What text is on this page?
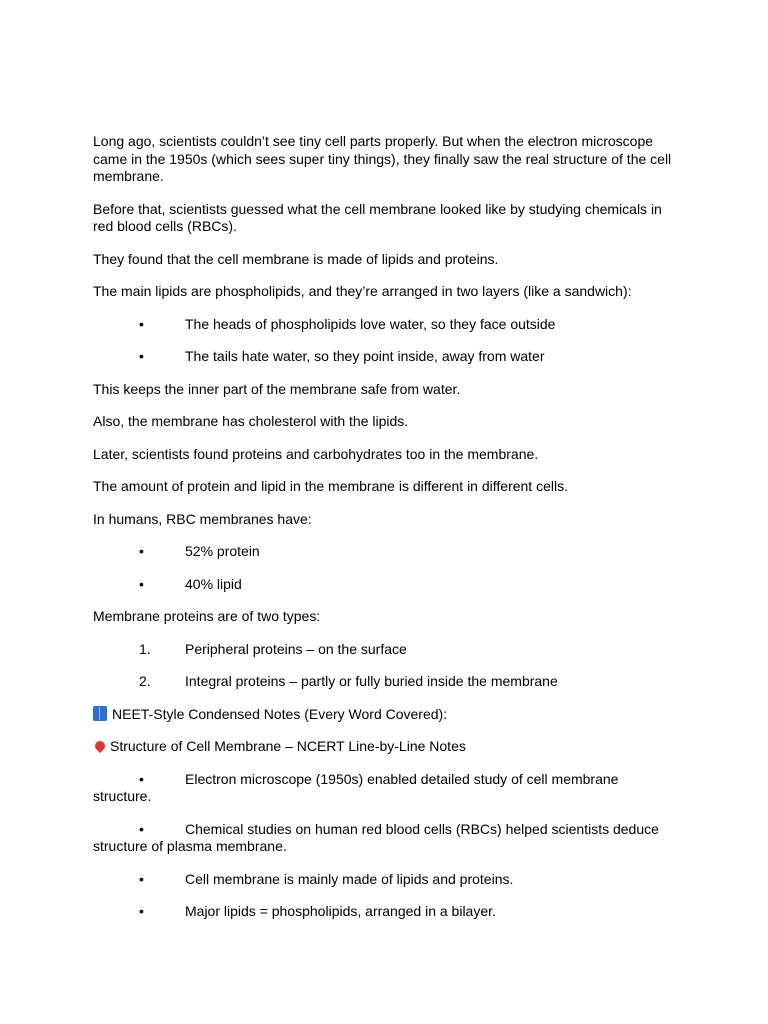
Long ago, scientists couldn’t see tiny cell parts properly. But when the electron microscope came in the 1950s (which sees super tiny things), they finally saw the real structure of the cell membrane.

Before that, scientists guessed what the cell membrane looked like by studying chemicals in red blood cells (RBCs).

They found that the cell membrane is made of lipids and proteins.

The main lipids are phospholipids, and they’re arranged in two layers (like a sandwich):

•	The heads of phospholipids love water, so they face outside
•	The tails hate water, so they point inside, away from water

This keeps the inner part of the membrane safe from water.

Also, the membrane has cholesterol with the lipids.

Later, scientists found proteins and carbohydrates too in the membrane.

The amount of protein and lipid in the membrane is different in different cells.

In humans, RBC membranes have:

•	52% protein
•	40% lipid

Membrane proteins are of two types:

1. Peripheral proteins – on the surface
2. Integral proteins – partly or fully buried inside the membrane

NEET-Style Condensed Notes (Every Word Covered):

Structure of Cell Membrane – NCERT Line-by-Line Notes

•	Electron microscope (1950s) enabled detailed study of cell membrane structure.

•	Chemical studies on human red blood cells (RBCs) helped scientists deduce structure of plasma membrane.

•	Cell membrane is mainly made of lipids and proteins.
•	Major lipids = phospholipids, arranged in a bilayer.
